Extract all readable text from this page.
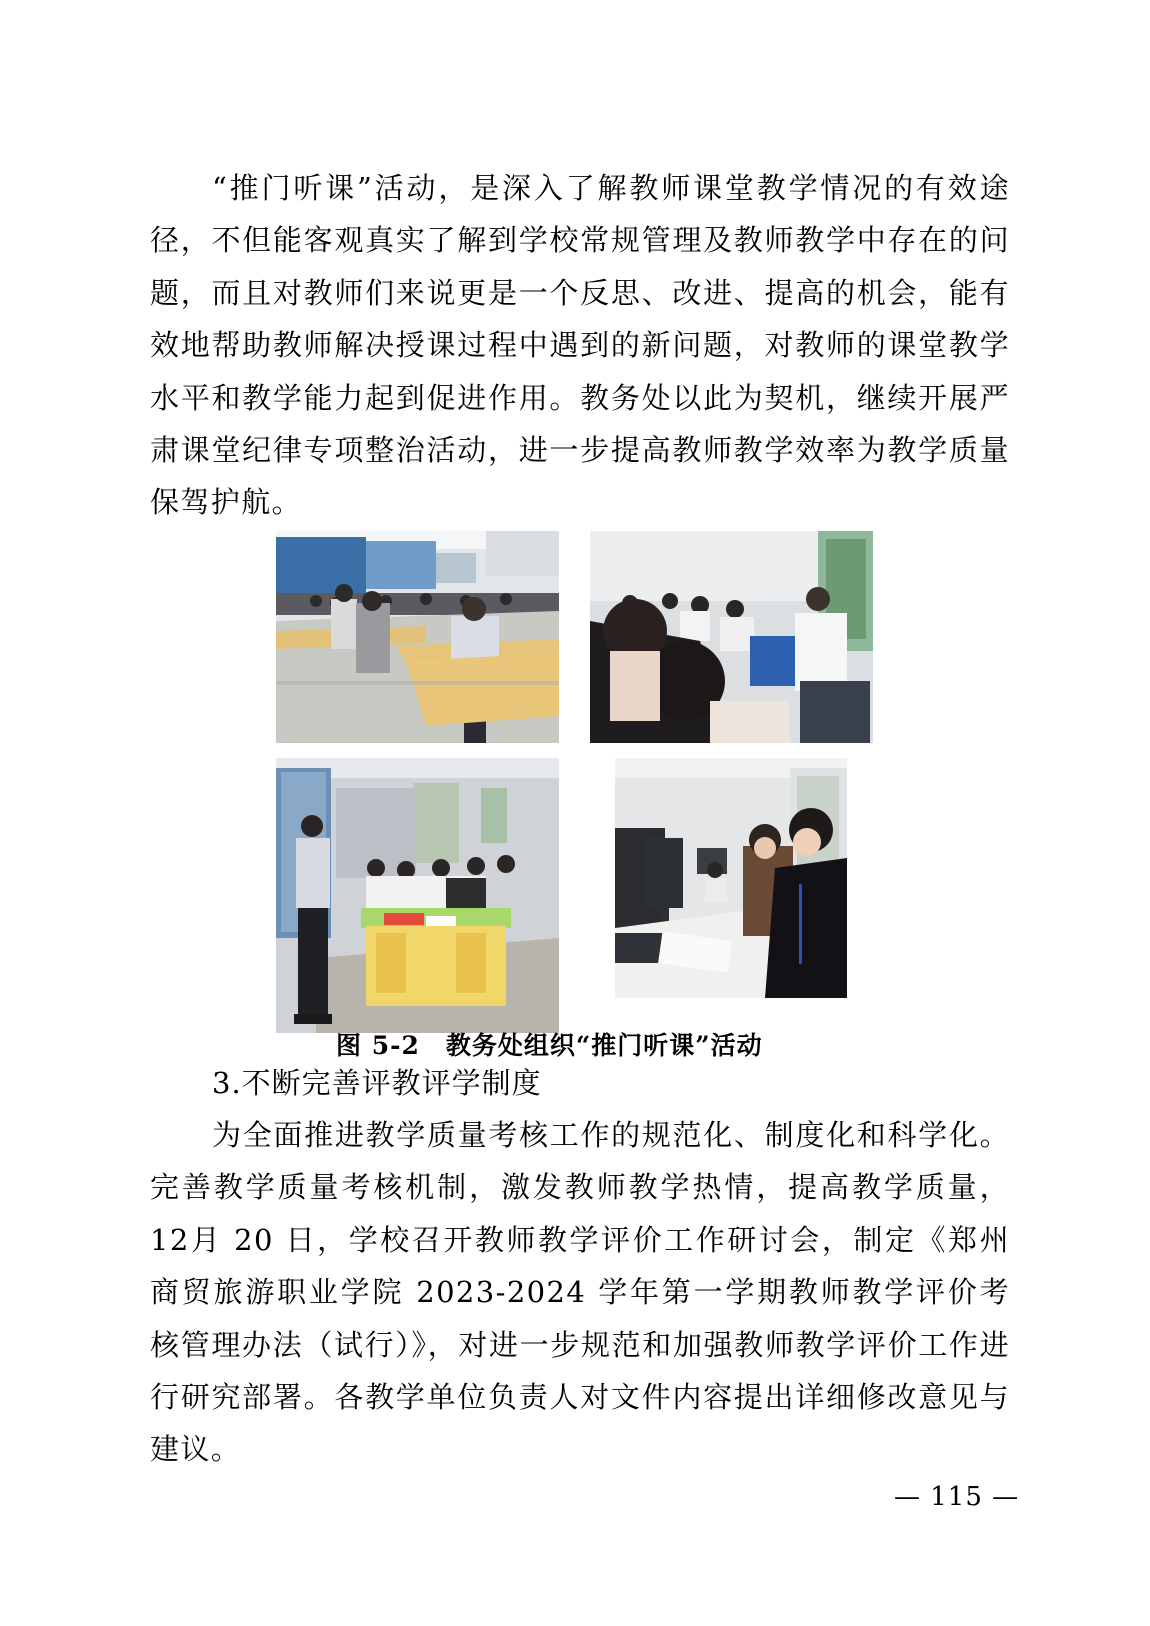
“推门听课”活动，是深入了解教师课堂教学情况的有效途径，不但能客观真实了解到学校常规管理及教师教学中存在的问题，而且对教师们来说更是一个反思、改进、提高的机会，能有效地帮助教师解决授课过程中遇到的新问题，对教师的课堂教学水平和教学能力起到促进作用。教务处以此为契机，继续开展严肃课堂纪律专项整治活动，进一步提高教师教学效率为教学质量保驾护航。

图 5-2　教务处组织“推门听课”活动

3.不断完善评教评学制度

为全面推进教学质量考核工作的规范化、制度化和科学化。完善教学质量考核机制，激发教师教学热情，提高教学质量，12月 20 日，学校召开教师教学评价工作研讨会，制定《郑州商贸旅游职业学院 2023-2024 学年第一学期教师教学评价考核管理办法（试行）》，对进一步规范和加强教师教学评价工作进行研究部署。各教学单位负责人对文件内容提出详细修改意见与建议。

— 115 —
